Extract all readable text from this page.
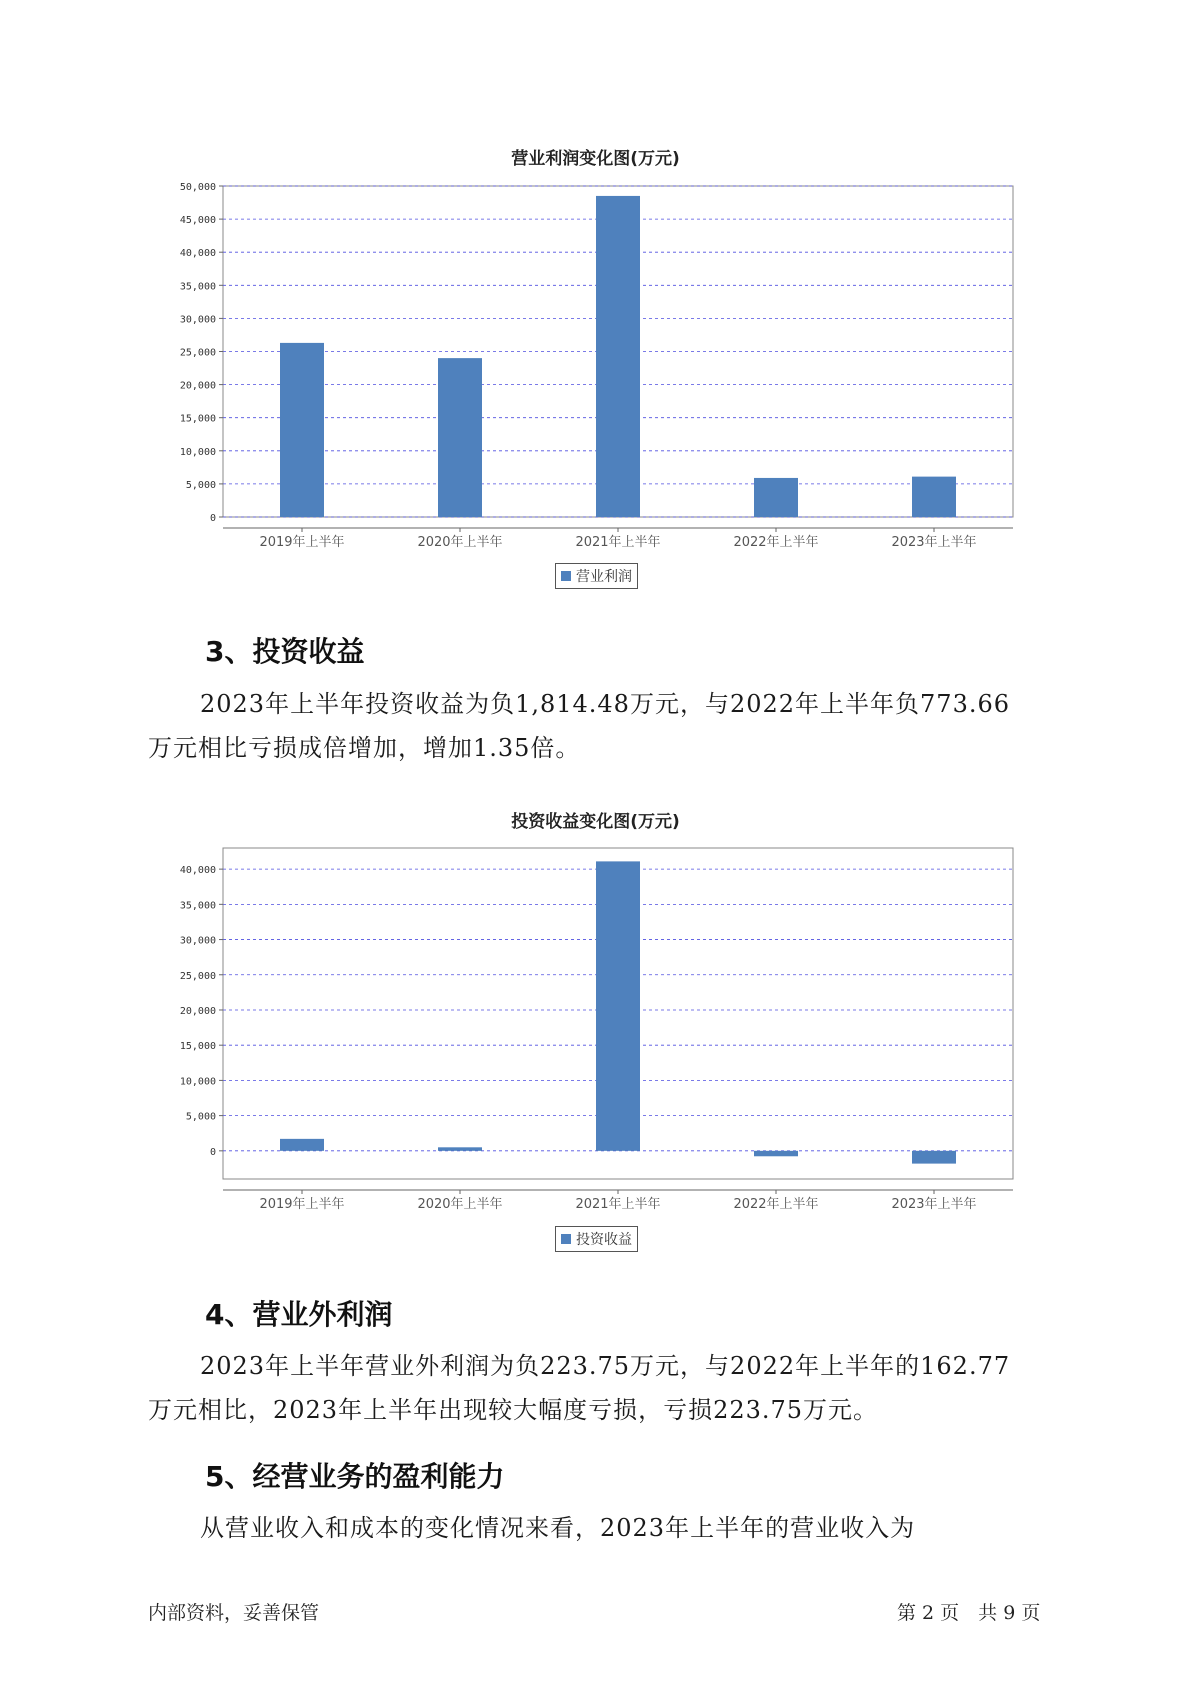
营业利润变化图(万元)
0
5,000
10,000
15,000
20,000
25,000
30,000
35,000
40,000
45,000
50,000
2019年上半年	2020年上半年	2021年上半年	2022年上半年	2023年上半年
营业利润
3、投资收益
2023年上半年投资收益为负1,814.48万元，与2022年上半年负773.66
万元相比亏损成倍增加，增加1.35倍。
投资收益变化图(万元)
0
5,000
10,000
15,000
20,000
25,000
30,000
35,000
40,000
2019年上半年	2020年上半年	2021年上半年	2022年上半年	2023年上半年
投资收益
4、营业外利润
2023年上半年营业外利润为负223.75万元，与2022年上半年的162.77
万元相比，2023年上半年出现较大幅度亏损，亏损223.75万元。
5、经营业务的盈利能力
从营业收入和成本的变化情况来看，2023年上半年的营业收入为
内部资料，妥善保管	第 2 页　共 9 页
